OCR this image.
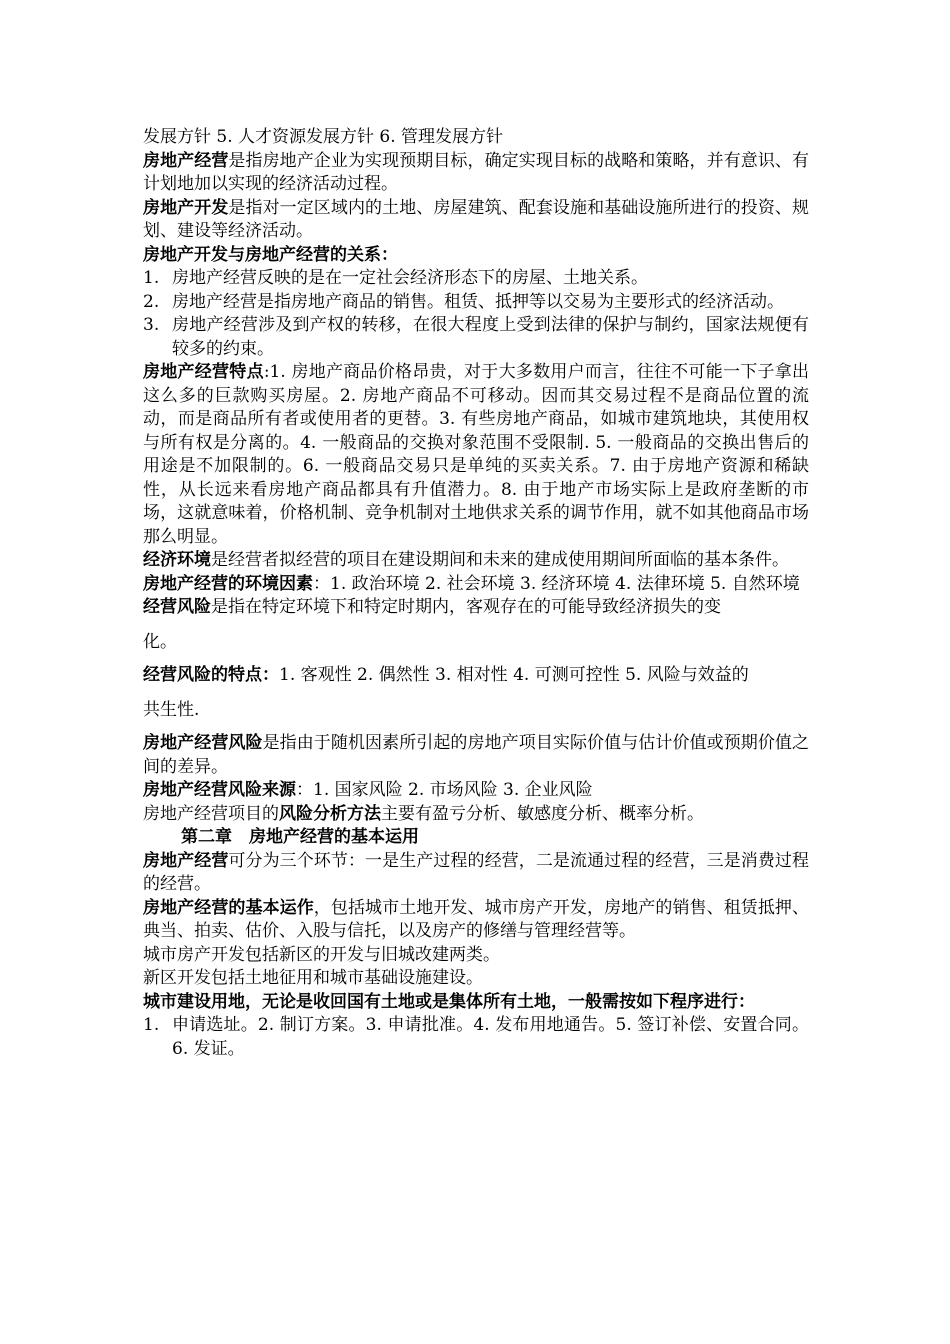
发展方针 5. 人才资源发展方针 6. 管理发展方针

房地产经营是指房地产企业为实现预期目标，确定实现目标的战略和策略，并有意识、有计划地加以实现的经济活动过程。

房地产开发是指对一定区域内的土地、房屋建筑、配套设施和基础设施所进行的投资、规划、建设等经济活动。

房地产开发与房地产经营的关系：

1. 房地产经营反映的是在一定社会经济形态下的房屋、土地关系。
2. 房地产经营是指房地产商品的销售。租赁、抵押等以交易为主要形式的经济活动。
3. 房地产经营涉及到产权的转移，在很大程度上受到法律的保护与制约，国家法规便有较多的约束。

房地产经营特点:1. 房地产商品价格昂贵，对于大多数用户而言，往往不可能一下子拿出这么多的巨款购买房屋。2. 房地产商品不可移动。因而其交易过程不是商品位置的流动，而是商品所有者或使用者的更替。3. 有些房地产商品，如城市建筑地块，其使用权与所有权是分离的。4. 一般商品的交换对象范围不受限制. 5. 一般商品的交换出售后的用途是不加限制的。6. 一般商品交易只是单纯的买卖关系。7. 由于房地产资源和稀缺性，从长远来看房地产商品都具有升值潜力。8. 由于地产市场实际上是政府垄断的市场，这就意味着，价格机制、竞争机制对土地供求关系的调节作用，就不如其他商品市场那么明显。

经济环境是经营者拟经营的项目在建设期间和未来的建成使用期间所面临的基本条件。

房地产经营的环境因素：1. 政治环境 2. 社会环境 3. 经济环境 4. 法律环境 5. 自然环境

经营风险是指在特定环境下和特定时期内，客观存在的可能导致经济损失的变
化。

经营风险的特点：1. 客观性 2. 偶然性 3. 相对性 4. 可测可控性 5. 风险与效益的
共生性.

房地产经营风险是指由于随机因素所引起的房地产项目实际价值与估计价值或预期价值之间的差异。

房地产经营风险来源：1. 国家风险 2. 市场风险 3. 企业风险

房地产经营项目的风险分析方法主要有盈亏分析、敏感度分析、概率分析。

第二章 房地产经营的基本运用

房地产经营可分为三个环节：一是生产过程的经营，二是流通过程的经营，三是消费过程的经营。

房地产经营的基本运作，包括城市土地开发、城市房产开发，房地产的销售、租赁抵押、典当、拍卖、估价、入股与信托，以及房产的修缮与管理经营等。

城市房产开发包括新区的开发与旧城改建两类。

新区开发包括土地征用和城市基础设施建设。

城市建设用地，无论是收回国有土地或是集体所有土地，一般需按如下程序进行：

1. 申请选址。2. 制订方案。3. 申请批准。4. 发布用地通告。5. 签订补偿、安置合同。6. 发证。
